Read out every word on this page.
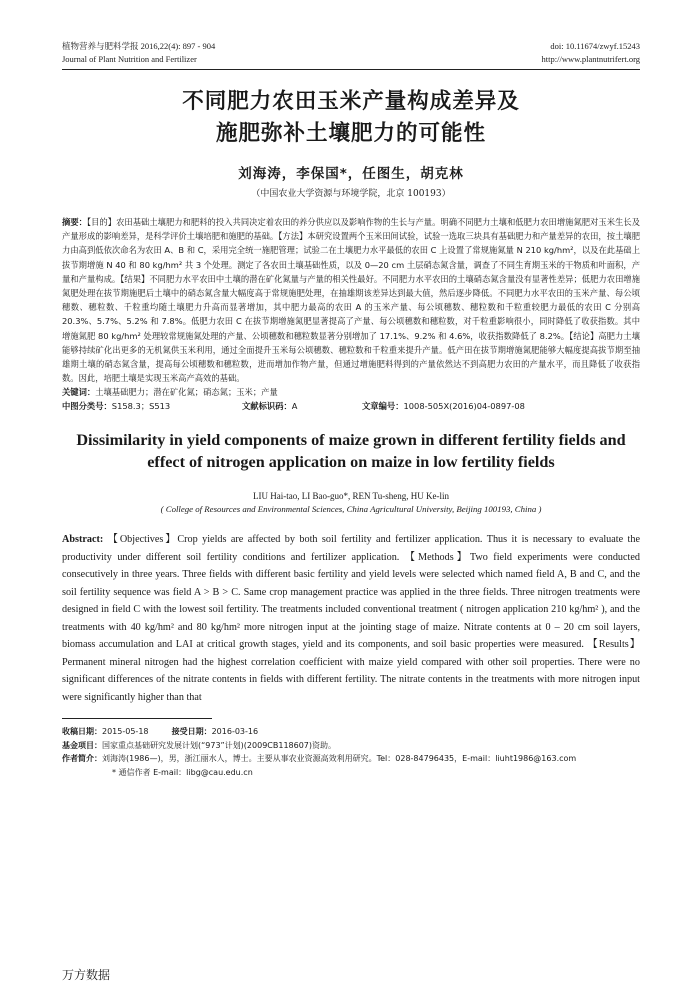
植物营养与肥料学报 2016,22(4): 897 - 904
Journal of Plant Nutrition and Fertilizer
doi: 10.11674/zwyf.15243
http://www.plantnutrifert.org
不同肥力农田玉米产量构成差异及
施肥弥补土壤肥力的可能性
刘海涛，李保国*，任图生，胡克林
（中国农业大学资源与环境学院，北京 100193）
摘要：【目的】农田基础土壤肥力和肥料的投入共同决定着农田的养分供应以及影响作物的生长与产量。明确不同肥力土壤和低肥力农田增施氮肥对玉米生长及产量形成的影响差异，是科学评价土壤培肥和施肥的基础。【方法】本研究设置两个玉米田间试验，试验一选取三块具有基础肥力和产量差异的农田，按土壤肥力由高到低依次命名为农田 A、B 和 C，采用完全统一施肥管理；试验二在土壤肥力水平最低的农田 C 上设置了常规施氮量 N 210 kg/hm²，以及在此基础上拔节期增施 N 40 和 80 kg/hm² 共 3 个处理。测定了各农田土壤基础性质，以及 0—20 cm 土层硝态氮含量，调查了不同生育期玉米的干物质和叶面积，产量和产量构成。【结果】不同肥力水平农田中土壤的潜在矿化氮量与产量的相关性最好。不同肥力水平农田的土壤硝态氮含量没有显著性差异；低肥力农田增施氮肥处理在拔节期施肥后土壤中的硝态氮含量大幅度高于常规施肥处理，在抽雄期该差异达到最大值，然后逐步降低。不同肥力水平农田的玉米产量、每公顷穗数、穗粒数、千粒重均随土壤肥力升高而显著增加，其中肥力最高的农田 A 的玉米产量、每公顷穗数、穗粒数和千粒重较肥力最低的农田 C 分别高 20.3%、5.7%、5.2% 和 7.8%。低肥力农田 C 在拔节期增施氮肥显著提高了产量、每公顷穗数和穗粒数，对千粒重影响很小，同时降低了收获指数。其中增施氮肥 80 kg/hm² 处理较常规施氮处理的产量、公顷穗数和穗粒数显著分别增加了 17.1%、9.2% 和 4.6%，收获指数降低了 8.2%。【结论】高肥力土壤能够持续矿化出更多的无机氮供玉米利用，通过全面提升玉米每公顷穗数、穗粒数和千粒重来提升产量。低产田在拔节期增施氮肥能够大幅度提高拔节期至抽雄期土壤的硝态氮含量，提高每公顷穗数和穗粒数，进而增加作物产量，但通过增施肥料得到的产量依然达不到高肥力农田的产量水平，而且降低了收获指数。因此，培肥土壤是实现玉米高产高效的基础。
关键词：土壤基础肥力；潜在矿化氮；硝态氮；玉米；产量
中图分类号：S158.3；S513	文献标识码：A	文章编号：1008-505X(2016)04-0897-08
Dissimilarity in yield components of maize grown in different fertility fields and effect of nitrogen application on maize in low fertility fields
LIU Hai-tao, LI Bao-guo*, REN Tu-sheng, HU Ke-lin
( College of Resources and Environmental Sciences, China Agricultural University, Beijing 100193, China )
Abstract: 【Objectives】Crop yields are affected by both soil fertility and fertilizer application. Thus it is necessary to evaluate the productivity under different soil fertility conditions and fertilizer application. 【Methods】Two field experiments were conducted consecutively in three years. Three fields with different basic fertility and yield levels were selected which named field A, B and C, and the soil fertility sequence was field A > B > C. Same crop management practice was applied in the three fields. Three nitrogen treatments were designed in field C with the lowest soil fertility. The treatments included conventional treatment ( nitrogen application 210 kg/hm² ), and the treatments with 40 kg/hm² and 80 kg/hm² more nitrogen input at the jointing stage of maize. Nitrate contents at 0 – 20 cm soil layers, biomass accumulation and LAI at critical growth stages, yield and its components, and soil basic properties were measured. 【Results】Permanent mineral nitrogen had the highest correlation coefficient with maize yield compared with other soil properties. There were no significant differences of the nitrate contents in fields with different fertility. The nitrate contents in the treatments with more nitrogen input were significantly higher than that
收稿日期：2015-05-18	接受日期：2016-03-16
基金项目：国家重点基础研究发展计划(“973”计划)(2009CB118607)资助。
作者简介：刘海涛(1986—)，男，浙江丽水人，博士。主要从事农业资源高效利用研究。Tel：028-84796435，E-mail：liuht1986@163.com
* 通信作者 E-mail：libg@cau.edu.cn
万方数据
